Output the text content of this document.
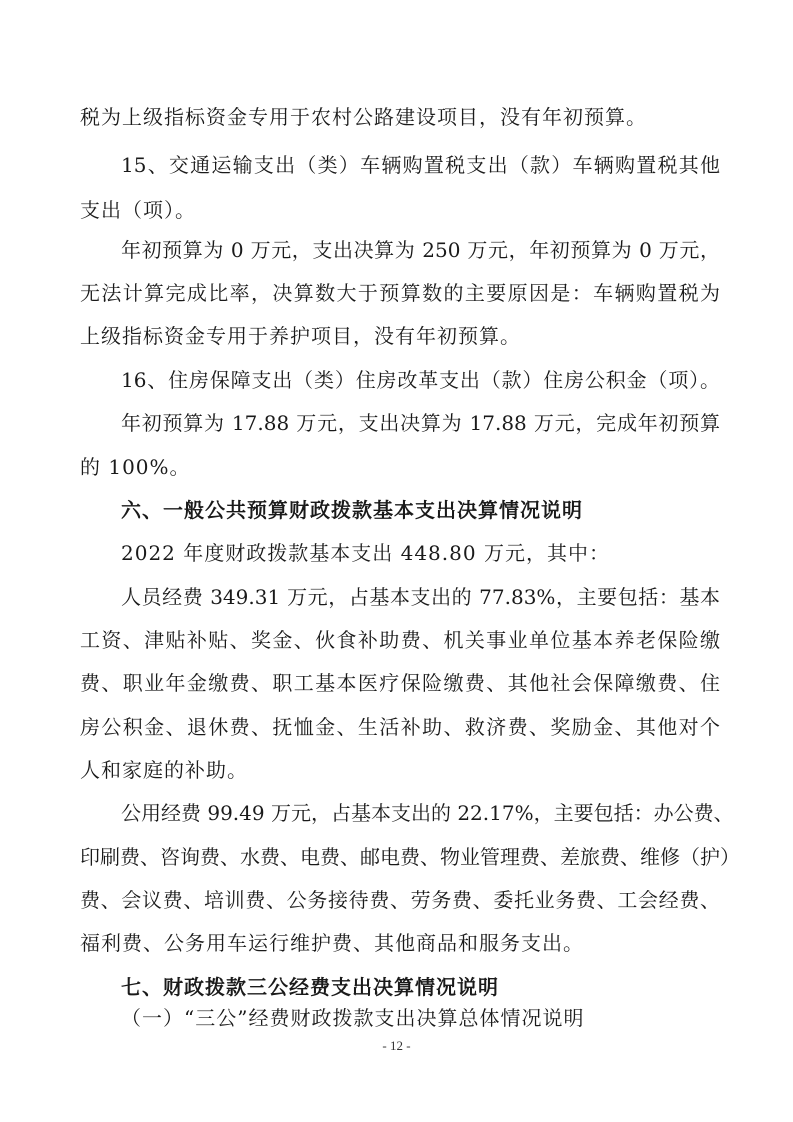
税为上级指标资金专用于农村公路建设项目，没有年初预算。
15、交通运输支出（类）车辆购置税支出（款）车辆购置税其他
支出（项）。
年初预算为 0 万元，支出决算为 250 万元，年初预算为 0 万元，
无法计算完成比率，决算数大于预算数的主要原因是：车辆购置税为
上级指标资金专用于养护项目，没有年初预算。
16、住房保障支出（类）住房改革支出（款）住房公积金（项）。
年初预算为 17.88 万元，支出决算为 17.88 万元，完成年初预算
的 100%。
六、一般公共预算财政拨款基本支出决算情况说明
2022 年度财政拨款基本支出 448.80 万元，其中：
人员经费 349.31 万元，占基本支出的 77.83%，主要包括：基本
工资、津贴补贴、奖金、伙食补助费、机关事业单位基本养老保险缴
费、职业年金缴费、职工基本医疗保险缴费、其他社会保障缴费、住
房公积金、退休费、抚恤金、生活补助、救济费、奖励金、其他对个
人和家庭的补助。
公用经费 99.49 万元，占基本支出的 22.17%，主要包括：办公费、
印刷费、咨询费、水费、电费、邮电费、物业管理费、差旅费、维修（护）
费、会议费、培训费、公务接待费、劳务费、委托业务费、工会经费、
福利费、公务用车运行维护费、其他商品和服务支出。
七、财政拨款三公经费支出决算情况说明
（一）“三公”经费财政拨款支出决算总体情况说明
- 12 -
